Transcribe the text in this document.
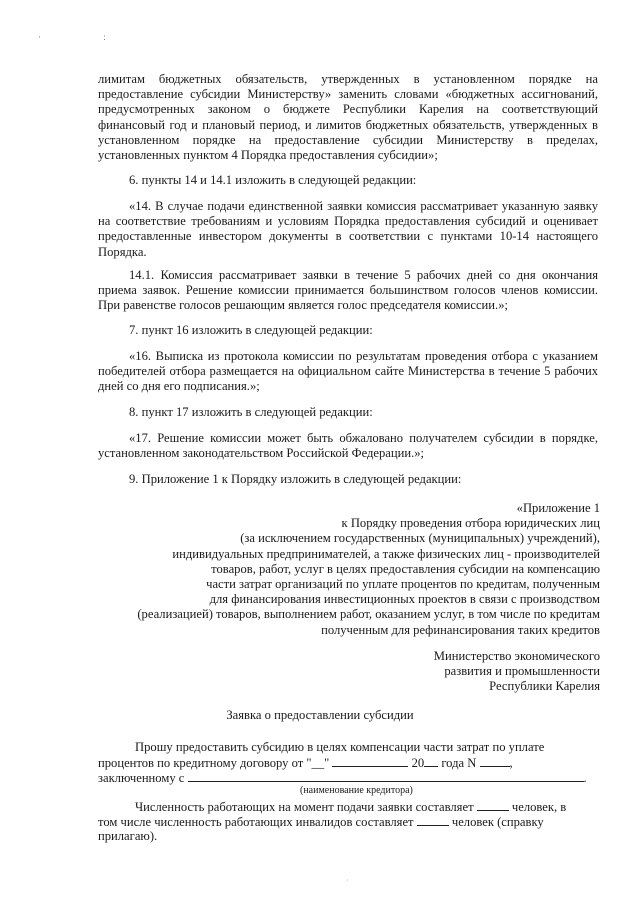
· :

лимитам бюджетных обязательств, утвержденных в установленном порядке на предоставление субсидии Министерству» заменить словами «бюджетных ассигнований, предусмотренных законом о бюджете Республики Карелия на соответствующий финансовый год и плановый период, и лимитов бюджетных обязательств, утвержденных в установленном порядке на предоставление субсидии Министерству в пределах, установленных пунктом 4 Порядка предоставления субсидии»;

6. пункты 14 и 14.1 изложить в следующей редакции:

«14. В случае подачи единственной заявки комиссия рассматривает указанную заявку на соответствие требованиям и условиям Порядка предоставления субсидий и оценивает предоставленные инвестором документы в соответствии с пунктами 10-14 настоящего Порядка.

14.1. Комиссия рассматривает заявки в течение 5 рабочих дней со дня окончания приема заявок. Решение комиссии принимается большинством голосов членов комиссии. При равенстве голосов решающим является голос председателя комиссии.»;

7. пункт 16 изложить в следующей редакции:

«16. Выписка из протокола комиссии по результатам проведения отбора с указанием победителей отбора размещается на официальном сайте Министерства в течение 5 рабочих дней со дня его подписания.»;

8. пункт 17 изложить в следующей редакции:

«17. Решение комиссии может быть обжаловано получателем субсидии в порядке, установленном законодательством Российской Федерации.»;

9. Приложение 1 к Порядку изложить в следующей редакции:

«Приложение 1
к Порядку проведения отбора юридических лиц
(за исключением государственных (муниципальных) учреждений),
индивидуальных предпринимателей, а также физических лиц - производителей
товаров, работ, услуг в целях предоставления субсидии на компенсацию
части затрат организаций по уплате процентов по кредитам, полученным
для финансирования инвестиционных проектов в связи с производством
(реализацией) товаров, выполнением работ, оказанием услуг, в том числе по кредитам
полученным для рефинансирования таких кредитов
Министерство экономического
развития и промышленности
Республики Карелия

Заявка о предоставлении субсидии

Прошу предоставить субсидию в целях компенсации части затрат по уплате

процентов по кредитному договору от "__"	20 года N	,

заключенному с	.

(наименование кредитора)

Численность работающих на момент подачи заявки составляет	человек, в

том числе численность работающих инвалидов составляет	человек (справку

прилагаю).

·
